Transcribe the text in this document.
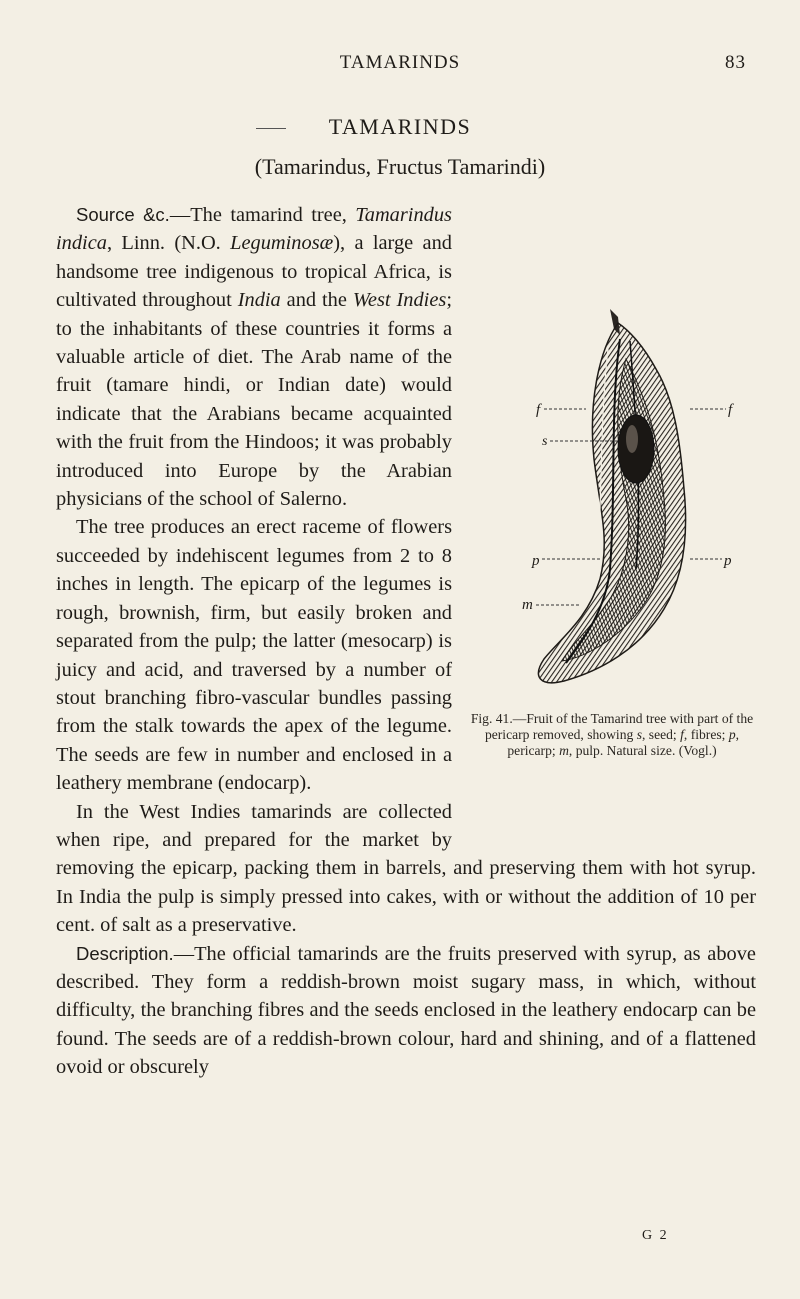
TAMARINDS	83
TAMARINDS
(Tamarindus, Fructus Tamarindi)
f	f
s
p	p
m
Fig. 41.—Fruit of the Tamarind tree with part of the pericarp removed, showing s, seed; f, fibres; p, pericarp; m, pulp. Natural size. (Vogl.)

Source &c.—The tamarind tree, Tamarindus indica, Linn. (N.O. Leguminosæ), a large and handsome tree indigenous to tropical Africa, is cultivated throughout India and the West Indies; to the inhabitants of these countries it forms a valuable article of diet. The Arab name of the fruit (tamare hindi, or Indian date) would indicate that the Arabians became acquainted with the fruit from the Hindoos; it was probably introduced into Europe by the Arabian physicians of the school of Salerno.

The tree produces an erect raceme of flowers succeeded by indehiscent legumes from 2 to 8 inches in length. The epicarp of the legumes is rough, brownish, firm, but easily broken and separated from the pulp; the latter (mesocarp) is juicy and acid, and traversed by a number of stout branching fibro-vascular bundles passing from the stalk towards the apex of the legume. The seeds are few in number and enclosed in a leathery membrane (endocarp).

In the West Indies tamarinds are collected when ripe, and prepared for the market by removing the epicarp, packing them in barrels, and preserving them with hot syrup. In India the pulp is simply pressed into cakes, with or without the addition of 10 per cent. of salt as a preservative.

Description.—The official tamarinds are the fruits preserved with syrup, as above described. They form a reddish-brown moist sugary mass, in which, without difficulty, the branching fibres and the seeds enclosed in the leathery endocarp can be found. The seeds are of a reddish-brown colour, hard and shining, and of a flattened ovoid or obscurely

G 2
